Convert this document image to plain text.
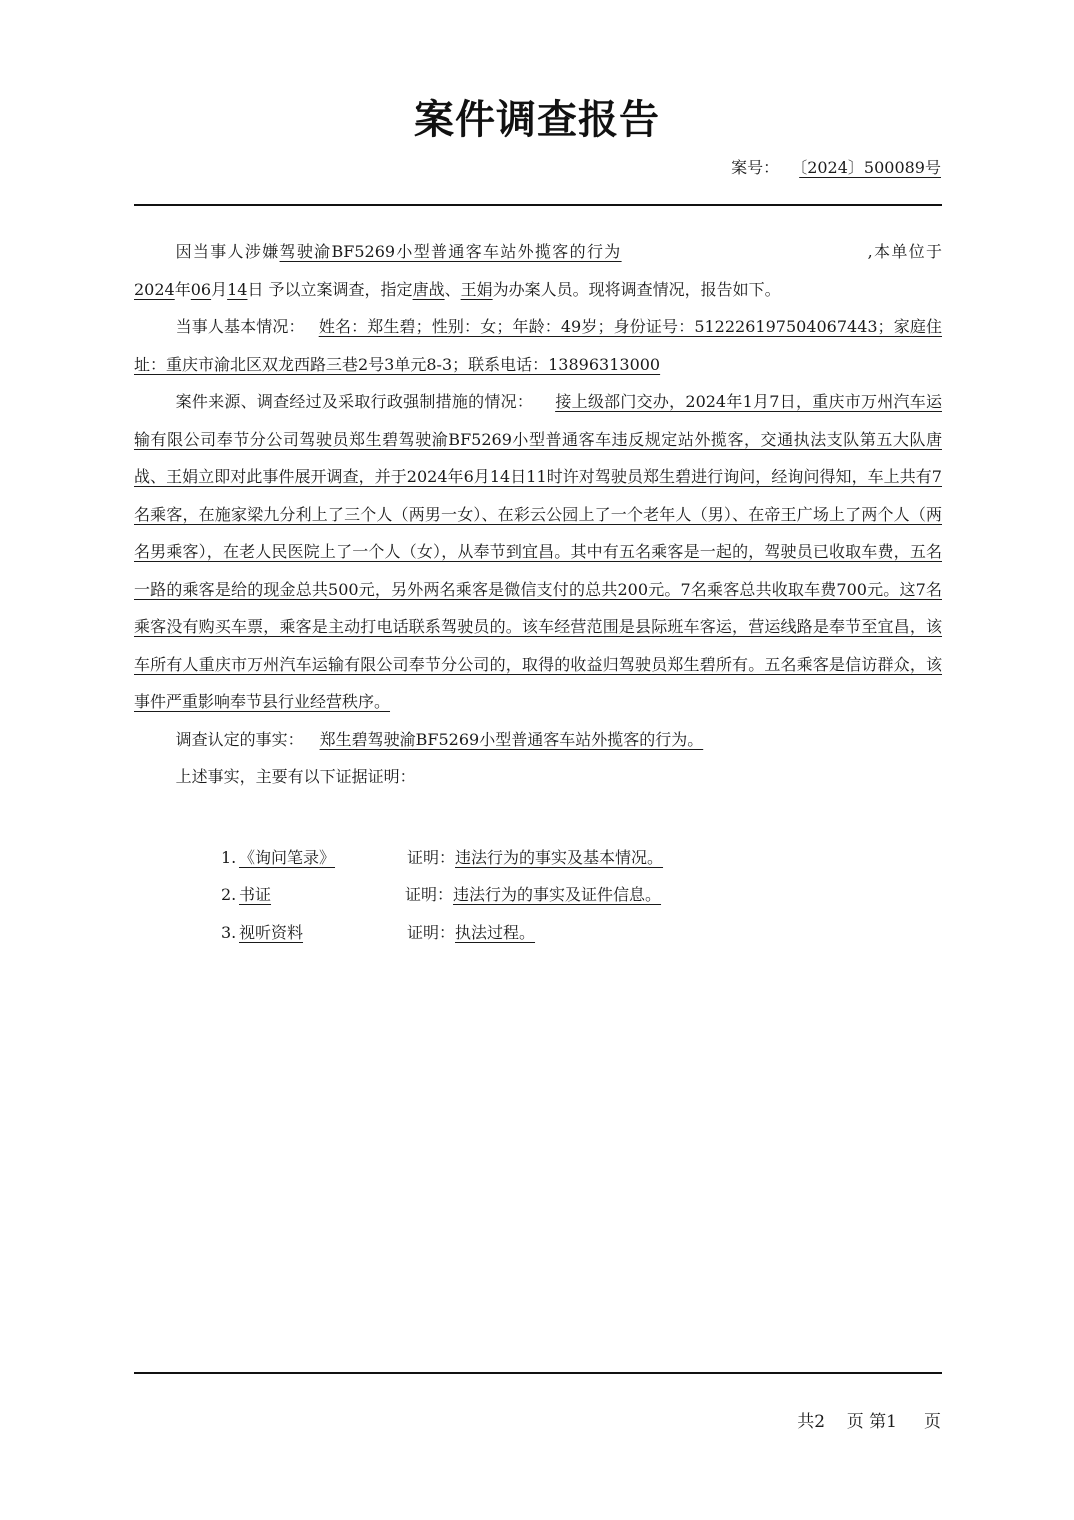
案件调查报告
案号： 〔2024〕500089号

因当事人涉嫌驾驶渝BF5269小型普通客车站外揽客的行为	,本单位于2024年06月14日 予以立案调查，指定唐战、王娟为办案人员。现将调查情况，报告如下。

当事人基本情况： 姓名：郑生碧；性别：女；年龄：49岁；身份证号：512226197504067443；家庭住址：重庆市渝北区双龙西路三巷2号3单元8-3；联系电话：13896313000

案件来源、调查经过及采取行政强制措施的情况： 接上级部门交办，2024年1月7日，重庆市万州汽车运输有限公司奉节分公司驾驶员郑生碧驾驶渝BF5269小型普通客车违反规定站外揽客，交通执法支队第五大队唐战、王娟立即对此事件展开调查，并于2024年6月14日11时许对驾驶员郑生碧进行询问，经询问得知，车上共有7名乘客，在施家梁九分利上了三个人（两男一女）、在彩云公园上了一个老年人（男）、在帝王广场上了两个人（两名男乘客），在老人民医院上了一个人（女），从奉节到宜昌。其中有五名乘客是一起的，驾驶员已收取车费，五名一路的乘客是给的现金总共500元，另外两名乘客是微信支付的总共200元。7名乘客总共收取车费700元。这7名乘客没有购买车票，乘客是主动打电话联系驾驶员的。该车经营范围是县际班车客运，营运线路是奉节至宜昌，该车所有人重庆市万州汽车运输有限公司奉节分公司的，取得的收益归驾驶员郑生碧所有。五名乘客是信访群众，该事件严重影响奉节县行业经营秩序。

调查认定的事实： 郑生碧驾驶渝BF5269小型普通客车站外揽客的行为。

上述事实，主要有以下证据证明：

1. 《询问笔录》	证明：违法行为的事实及基本情况。
2. 书证	证明：违法行为的事实及证件信息。
3. 视听资料	证明：执法过程。
共2 页 第1 页
